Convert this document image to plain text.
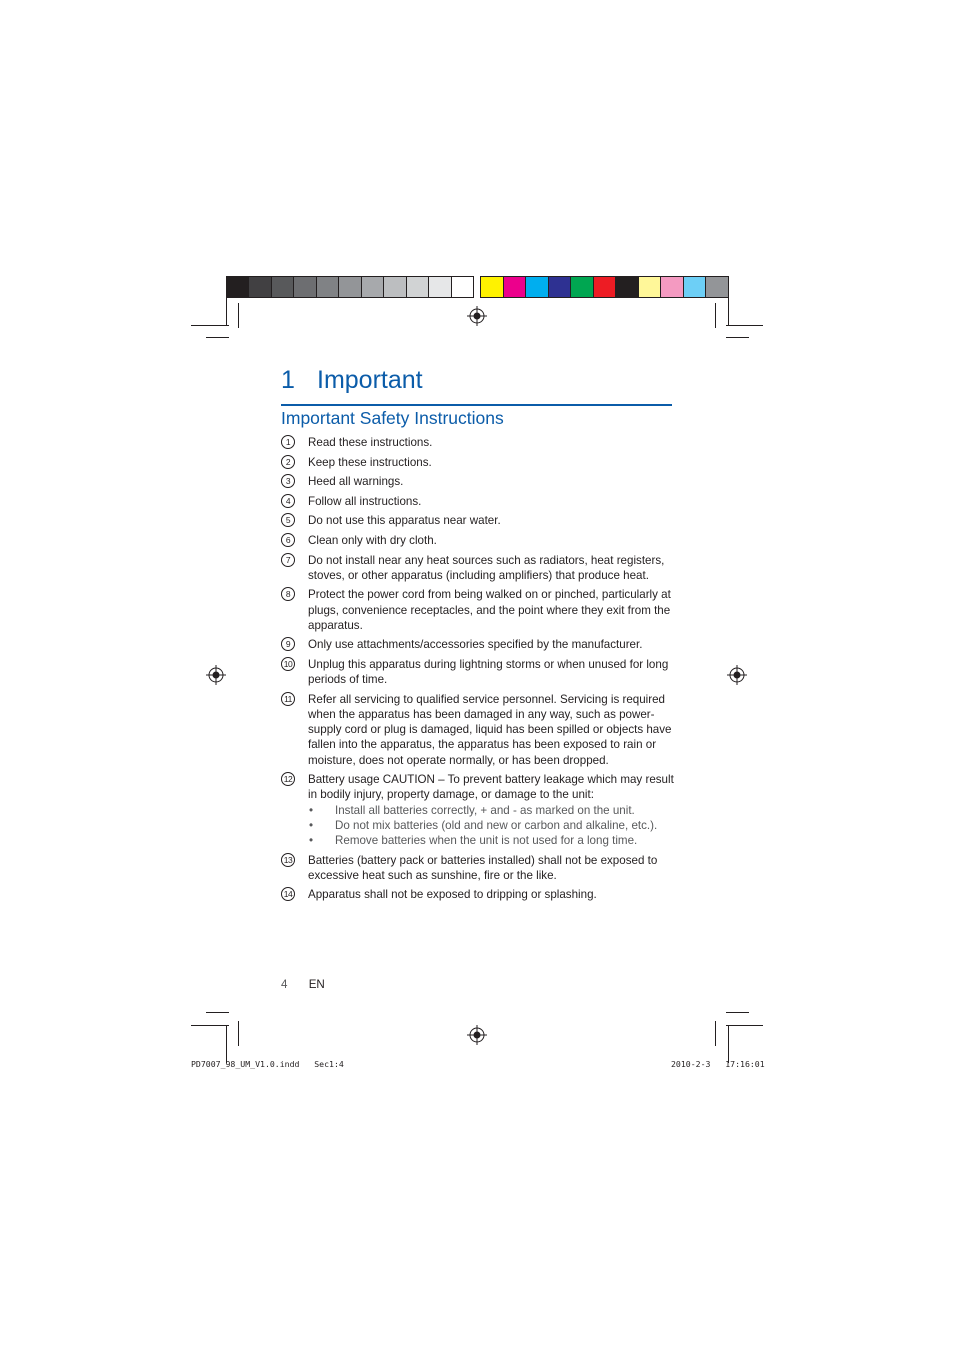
1 Important
Important Safety Instructions
1	Read these instructions.
2	Keep these instructions.
3	Heed all warnings.
4	Follow all instructions.
5	Do not use this apparatus near water.
6	Clean only with dry cloth.
7	Do not install near any heat sources such as radiators, heat registers, stoves, or other apparatus (including amplifiers) that produce heat.
8	Protect the power cord from being walked on or pinched, particularly at plugs, convenience receptacles, and the point where they exit from the apparatus.
9	Only use attachments/accessories specified by the manufacturer.
10 Unplug this apparatus during lightning storms or when unused for long periods of time.
11 Refer all servicing to qualified service personnel. Servicing is required when the apparatus has been damaged in any way, such as power-supply cord or plug is damaged, liquid has been spilled or objects have fallen into the apparatus, the apparatus has been exposed to rain or moisture, does not operate normally, or has been dropped.
12 Battery usage CAUTION – To prevent battery leakage which may result in bodily injury, property damage, or damage to the unit:
• Install all batteries correctly, + and - as marked on the unit.
• Do not mix batteries (old and new or carbon and alkaline, etc.).
• Remove batteries when the unit is not used for a long time.
13 Batteries (battery pack or batteries installed) shall not be exposed to excessive heat such as sunshine, fire or the like.
14 Apparatus shall not be exposed to dripping or splashing.
4 EN
PD7007_98_UM_V1.0.indd   Sec1:4	2010-2-3   17:16:01
